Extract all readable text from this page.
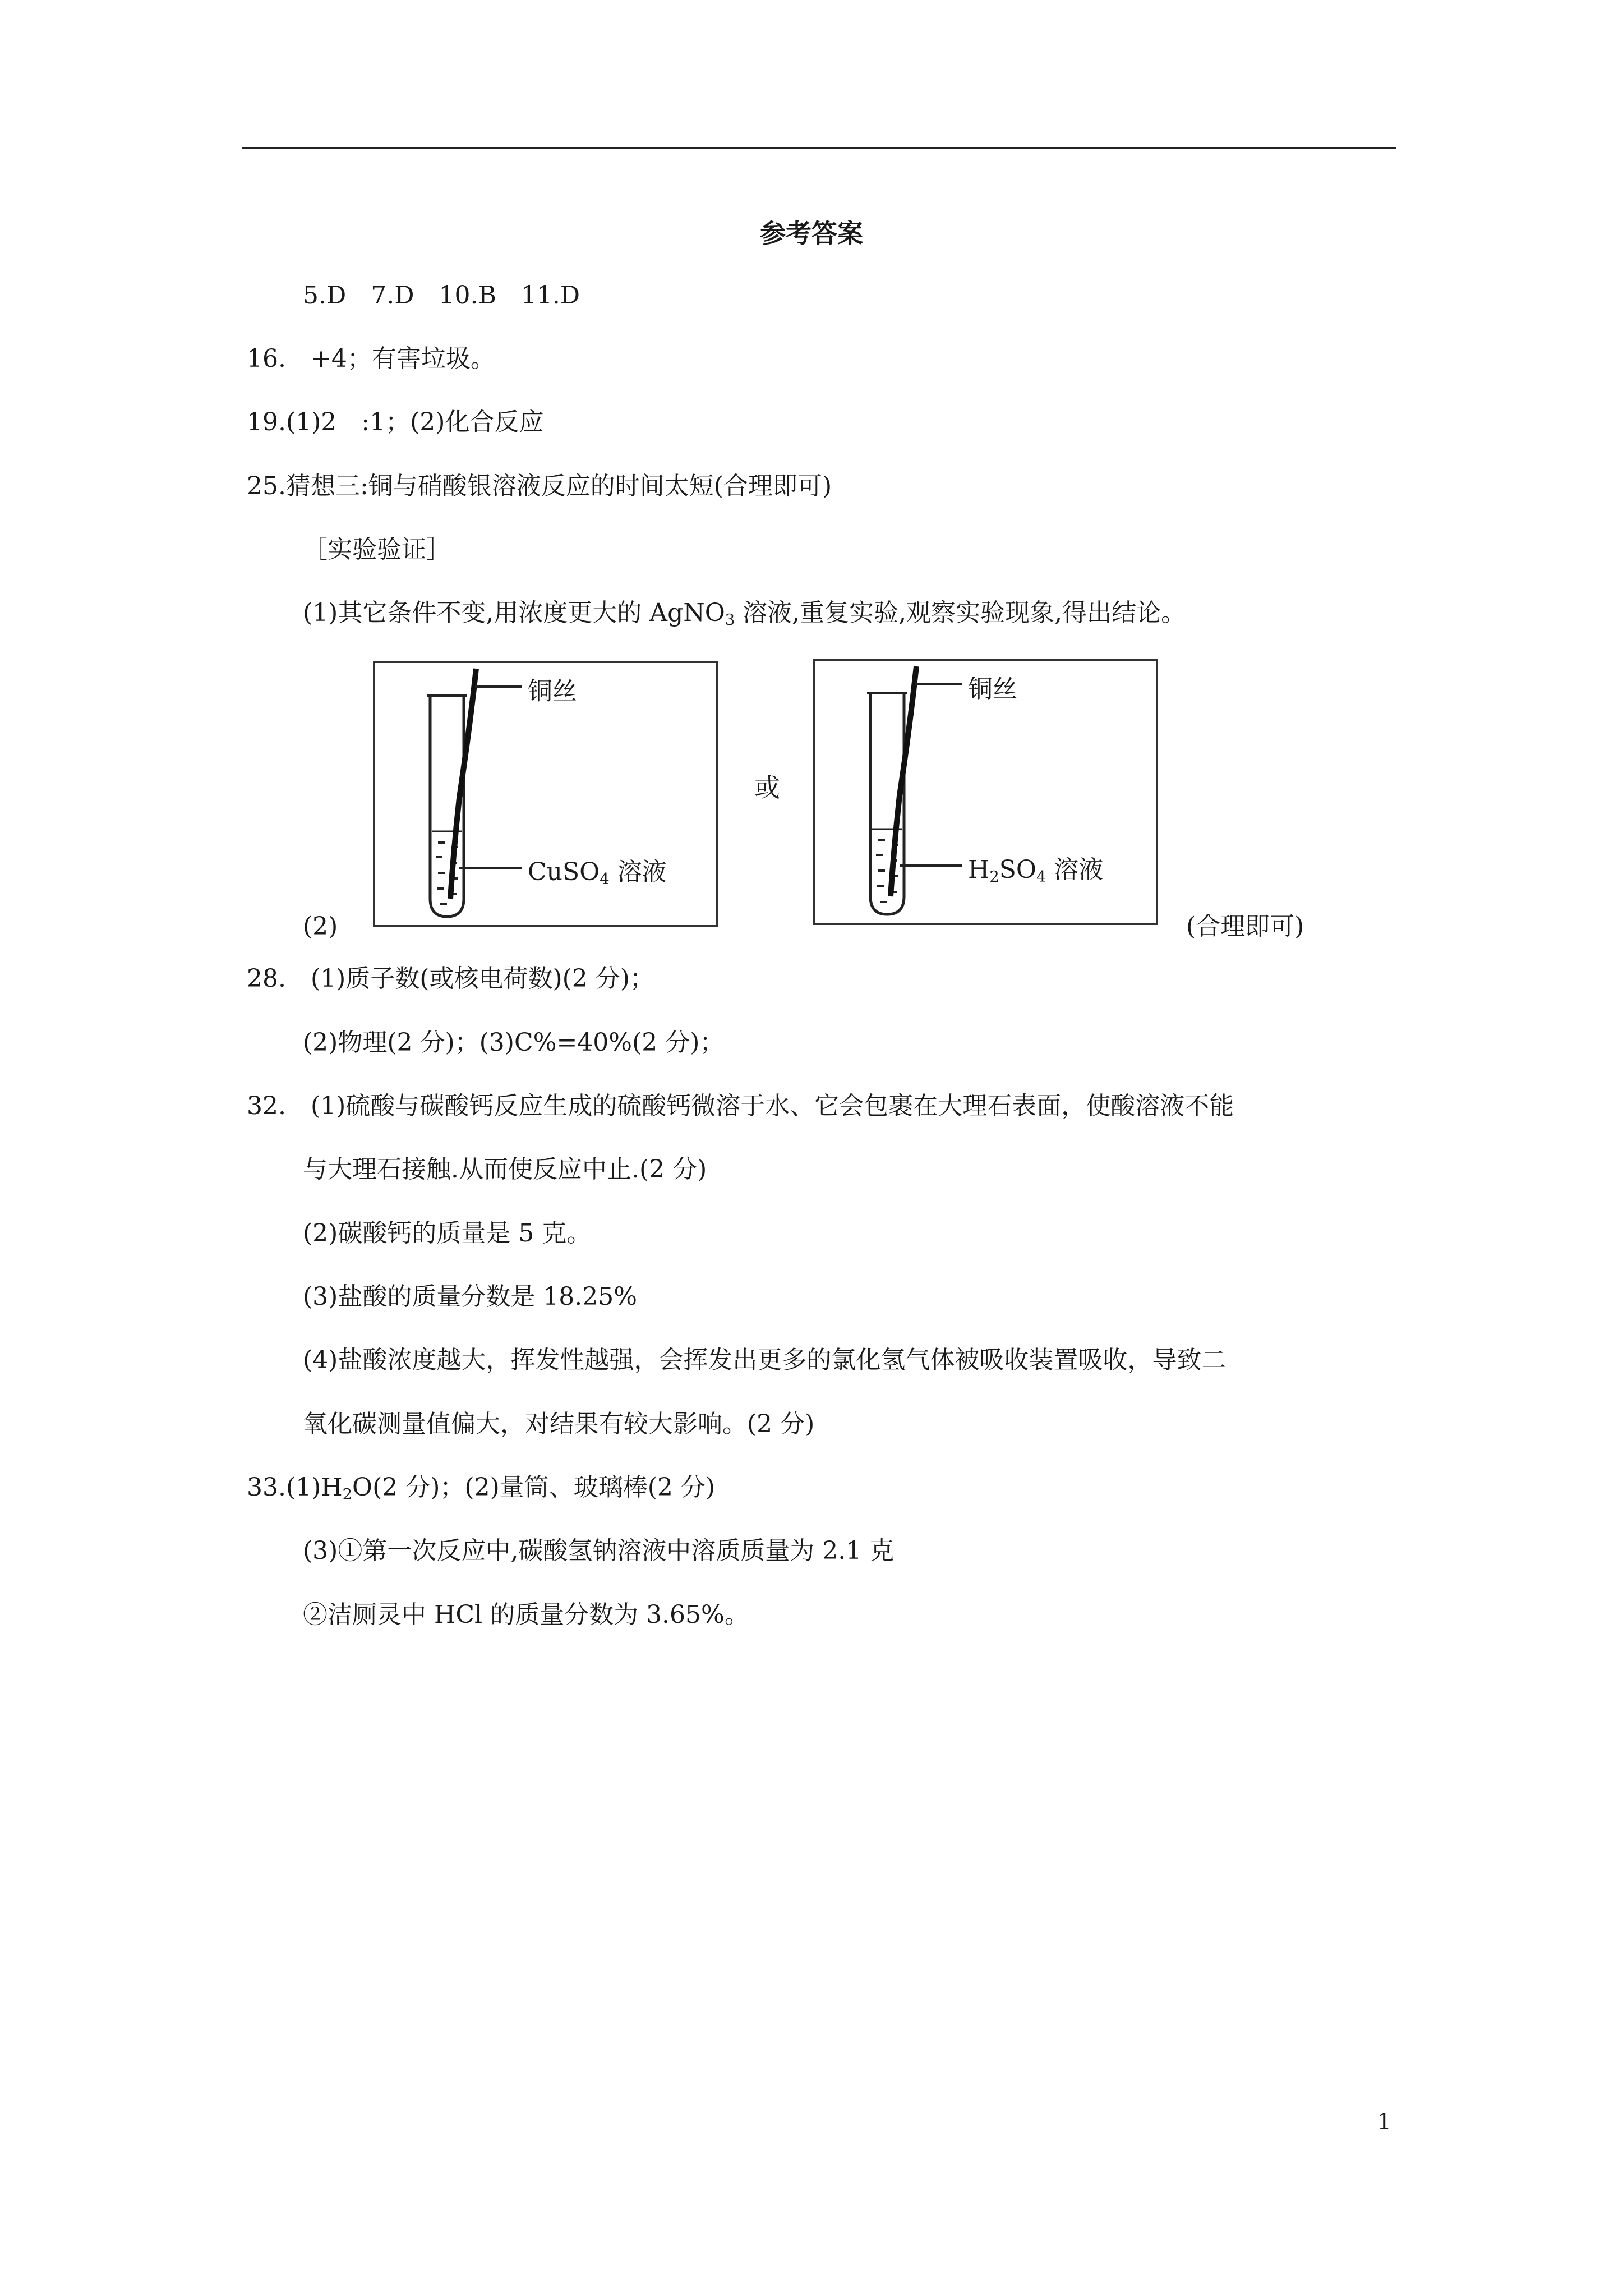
参考答案
5.D　7.D　10.B　11.D
16.　+4；有害垃圾。
19.(1)2　:1；(2)化合反应
25.猜想三:铜与硝酸银溶液反应的时间太短(合理即可)
［实验验证］
(1)其它条件不变,用浓度更大的 AgNO$_3$ 溶液,重复实验,观察实验现象,得出结论。
铜丝
CuSO$_4$ 溶液
或
铜丝
$H_2SO_4$ 溶液
(2)	(合理即可)
28.　(1)质子数(或核电荷数)(2 分)；
(2)物理(2 分)；(3)C%=40%(2 分)；
32.　(1)硫酸与碳酸钙反应生成的硫酸钙微溶于水、它会包裹在大理石表面，使酸溶液不能
与大理石接触.从而使反应中止.(2 分)
(2)碳酸钙的质量是 5 克。
(3)盐酸的质量分数是 18.25%
(4)盐酸浓度越大，挥发性越强，会挥发出更多的氯化氢气体被吸收装置吸收，导致二
氧化碳测量值偏大，对结果有较大影响。(2 分)
$33.(1)H_2O(2$ 分)；(2)量筒、玻璃棒(2 分)
(3)①第一次反应中,碳酸氢钠溶液中溶质质量为 2.1 克
②洁厕灵中 HCl 的质量分数为 3.65%。
1
